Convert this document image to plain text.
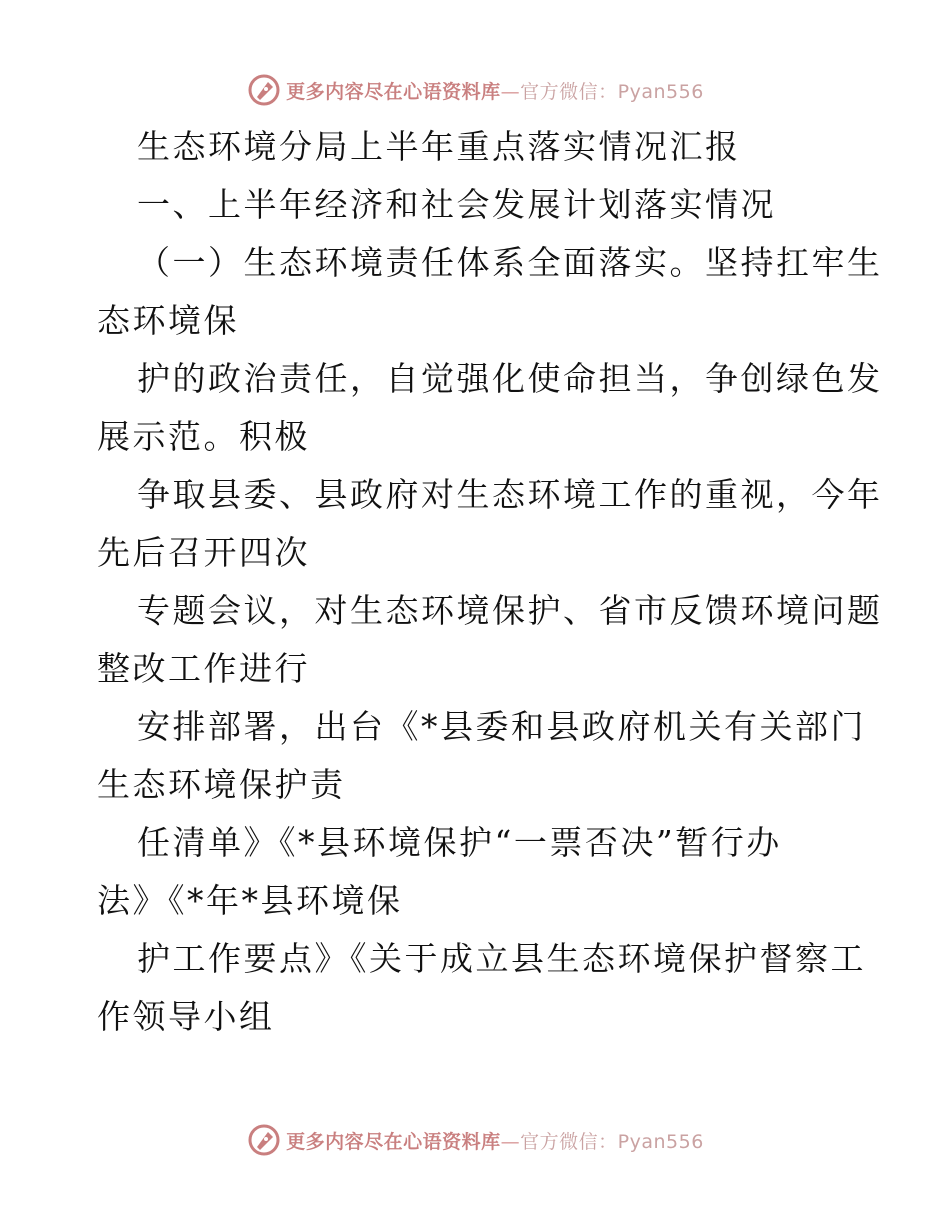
更多内容尽在心语资料库—官方微信：Pyan556
生态环境分局上半年重点落实情况汇报
一、上半年经济和社会发展计划落实情况
（一）生态环境责任体系全面落实。坚持扛牢生
态环境保
护的政治责任，自觉强化使命担当，争创绿色发
展示范。积极
争取县委、县政府对生态环境工作的重视，今年
先后召开四次
专题会议，对生态环境保护、省市反馈环境问题
整改工作进行
安排部署，出台《*县委和县政府机关有关部门
生态环境保护责
任清单》《*县环境保护“一票否决”暂行办
法》《*年*县环境保
护工作要点》《关于成立县生态环境保护督察工
作领导小组
更多内容尽在心语资料库—官方微信：Pyan556
